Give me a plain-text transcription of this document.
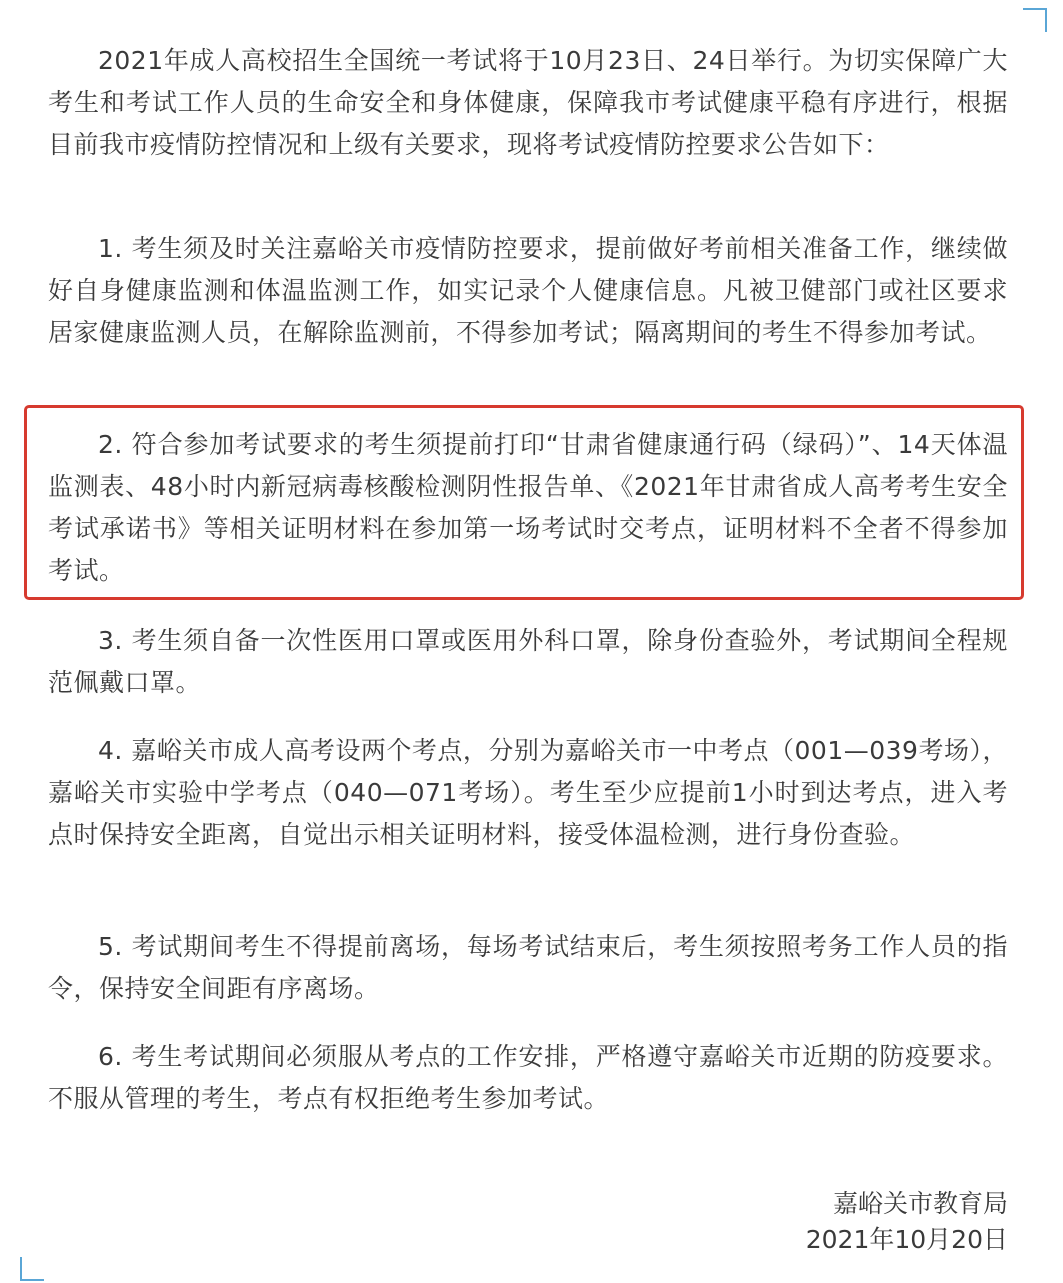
2021年成人高校招生全国统一考试将于10月23日、24日举行。为切实保障广大考生和考试工作人员的生命安全和身体健康，保障我市考试健康平稳有序进行，根据目前我市疫情防控情况和上级有关要求，现将考试疫情防控要求公告如下：

1. 考生须及时关注嘉峪关市疫情防控要求，提前做好考前相关准备工作，继续做好自身健康监测和体温监测工作，如实记录个人健康信息。凡被卫健部门或社区要求居家健康监测人员，在解除监测前，不得参加考试；隔离期间的考生不得参加考试。

2. 符合参加考试要求的考生须提前打印“甘肃省健康通行码（绿码）”、14天体温监测表、48小时内新冠病毒核酸检测阴性报告单、《2021年甘肃省成人高考考生安全考试承诺书》等相关证明材料在参加第一场考试时交考点，证明材料不全者不得参加考试。

3. 考生须自备一次性医用口罩或医用外科口罩，除身份查验外，考试期间全程规范佩戴口罩。

4. 嘉峪关市成人高考设两个考点，分别为嘉峪关市一中考点（001—039考场），嘉峪关市实验中学考点（040—071考场）。考生至少应提前1小时到达考点，进入考点时保持安全距离，自觉出示相关证明材料，接受体温检测，进行身份查验。

5. 考试期间考生不得提前离场，每场考试结束后，考生须按照考务工作人员的指令，保持安全间距有序离场。

6. 考生考试期间必须服从考点的工作安排，严格遵守嘉峪关市近期的防疫要求。不服从管理的考生，考点有权拒绝考生参加考试。

嘉峪关市教育局
2021年10月20日
